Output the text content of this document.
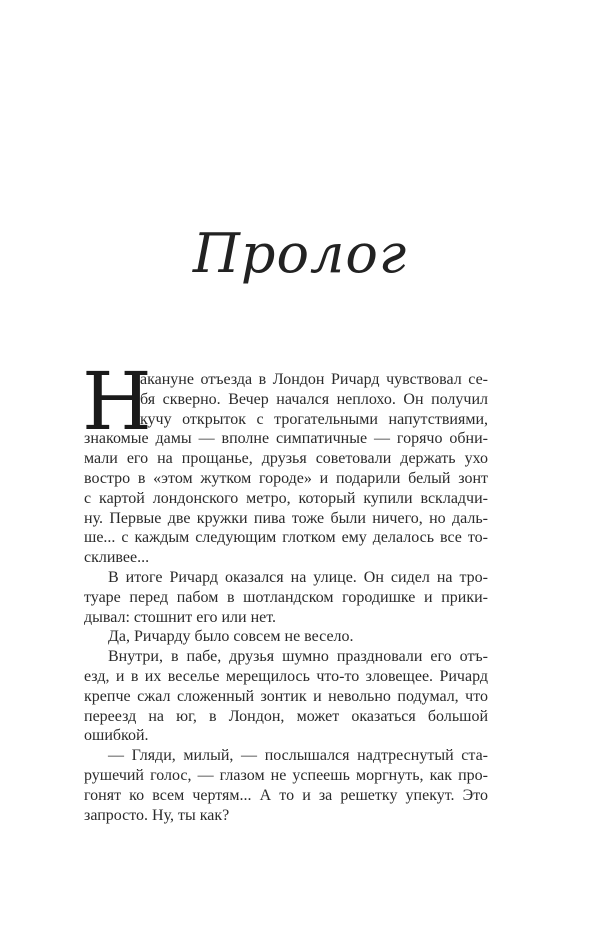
Пролог
Н
акануне отъезда в Лондон Ричард чувствовал се-
бя скверно. Вечер начался неплохо. Он получил
кучу открыток с трогательными напутствиями,
знакомые дамы — вполне симпатичные — горячо обни-
мали его на прощанье, друзья советовали держать ухо
востро в «этом жутком городе» и подарили белый зонт
с картой лондонского метро, который купили вскладчи-
ну. Первые две кружки пива тоже были ничего, но даль-
ше... с каждым следующим глотком ему делалось все то-
скливее...
В итоге Ричард оказался на улице. Он сидел на тро-
туаре перед пабом в шотландском городишке и прики-
дывал: стошнит его или нет.
Да, Ричарду было совсем не весело.
Внутри, в пабе, друзья шумно праздновали его отъ-
езд, и в их веселье мерещилось что-то зловещее. Ричард
крепче сжал сложенный зонтик и невольно подумал, что
переезд на юг, в Лондон, может оказаться большой
ошибкой.
— Гляди, милый, — послышался надтреснутый ста-
рушечий голос, — глазом не успеешь моргнуть, как про-
гонят ко всем чертям... А то и за решетку упекут. Это
запросто. Ну, ты как?
